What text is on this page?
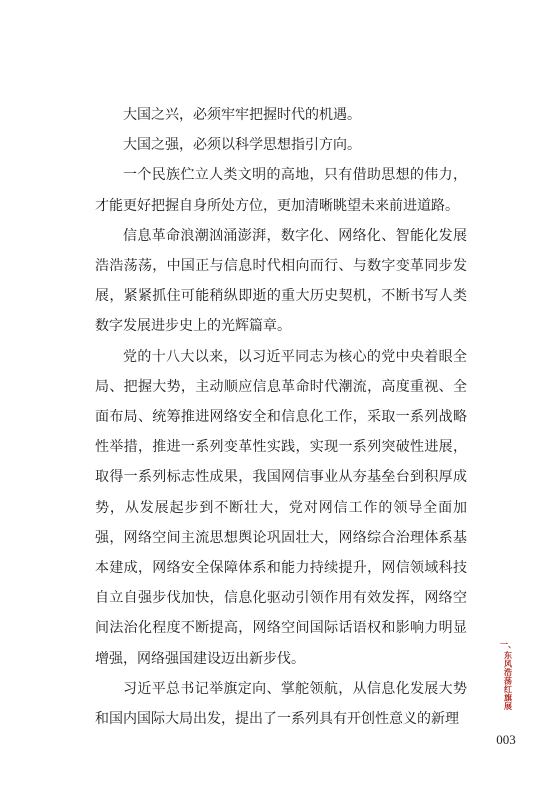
大国之兴，必须牢牢把握时代的机遇。

大国之强，必须以科学思想指引方向。

一个民族伫立人类文明的高地，只有借助思想的伟力，才能更好把握自身所处方位，更加清晰眺望未来前进道路。

信息革命浪潮汹涌澎湃，数字化、网络化、智能化发展浩浩荡荡，中国正与信息时代相向而行、与数字变革同步发展，紧紧抓住可能稍纵即逝的重大历史契机，不断书写人类数字发展进步史上的光辉篇章。

党的十八大以来，以习近平同志为核心的党中央着眼全局、把握大势，主动顺应信息革命时代潮流，高度重视、全面布局、统筹推进网络安全和信息化工作，采取一系列战略性举措，推进一系列变革性实践，实现一系列突破性进展，取得一系列标志性成果，我国网信事业从夯基垒台到积厚成势，从发展起步到不断壮大，党对网信工作的领导全面加强，网络空间主流思想舆论巩固壮大，网络综合治理体系基本建成，网络安全保障体系和能力持续提升，网信领域科技自立自强步伐加快，信息化驱动引领作用有效发挥，网络空间法治化程度不断提高，网络空间国际话语权和影响力明显增强，网络强国建设迈出新步伐。

习近平总书记举旗定向、掌舵领航，从信息化发展大势和国内国际大局出发，提出了一系列具有开创性意义的新理

一、
东风浩荡红旗展
003
